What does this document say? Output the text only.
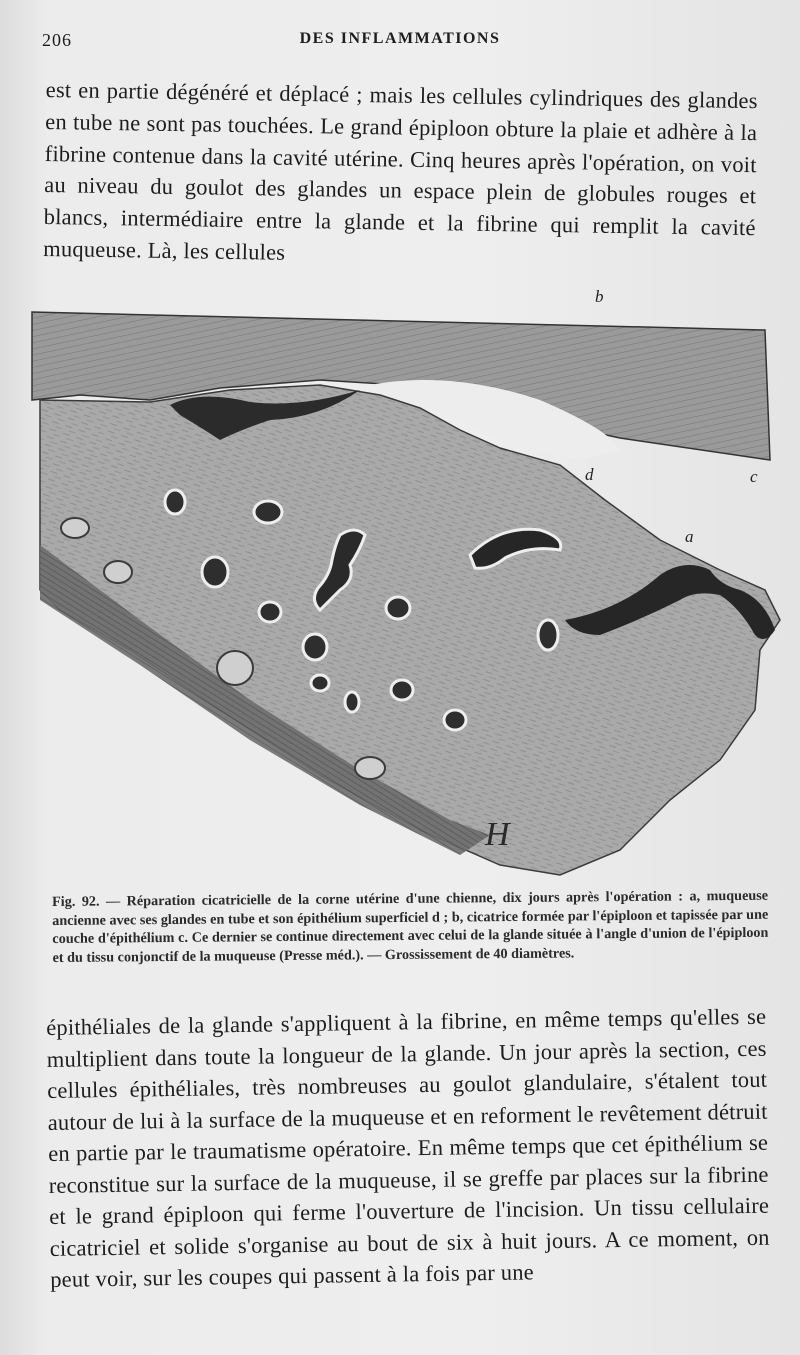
206	DES INFLAMMATIONS

est en partie dégénéré et déplacé ; mais les cellules cylindriques des glandes en tube ne sont pas touchées. Le grand épiploon obture la plaie et adhère à la fibrine contenue dans la cavité utérine. Cinq heures après l'opération, on voit au niveau du goulot des glandes un espace plein de globules rouges et blancs, intermédiaire entre la glande et la fibrine qui remplit la cavité muqueuse. Là, les cellules

b
d	c
a
H

Fig. 92. — Réparation cicatricielle de la corne utérine d'une chienne, dix jours après l'opération : a, muqueuse ancienne avec ses glandes en tube et son épithélium superficiel d ; b, cicatrice formée par l'épiploon et tapissée par une couche d'épithélium c. Ce dernier se continue directement avec celui de la glande située à l'angle d'union de l'épiploon et du tissu conjonctif de la muqueuse (Presse méd.). — Grossissement de 40 diamètres.

épithéliales de la glande s'appliquent à la fibrine, en même temps qu'elles se multiplient dans toute la longueur de la glande. Un jour après la section, ces cellules épithéliales, très nombreuses au goulot glandulaire, s'étalent tout autour de lui à la surface de la muqueuse et en reforment le revêtement détruit en partie par le traumatisme opératoire. En même temps que cet épithélium se reconstitue sur la surface de la muqueuse, il se greffe par places sur la fibrine et le grand épiploon qui ferme l'ouverture de l'incision. Un tissu cellulaire cicatriciel et solide s'organise au bout de six à huit jours. A ce moment, on peut voir, sur les coupes qui passent à la fois par une
